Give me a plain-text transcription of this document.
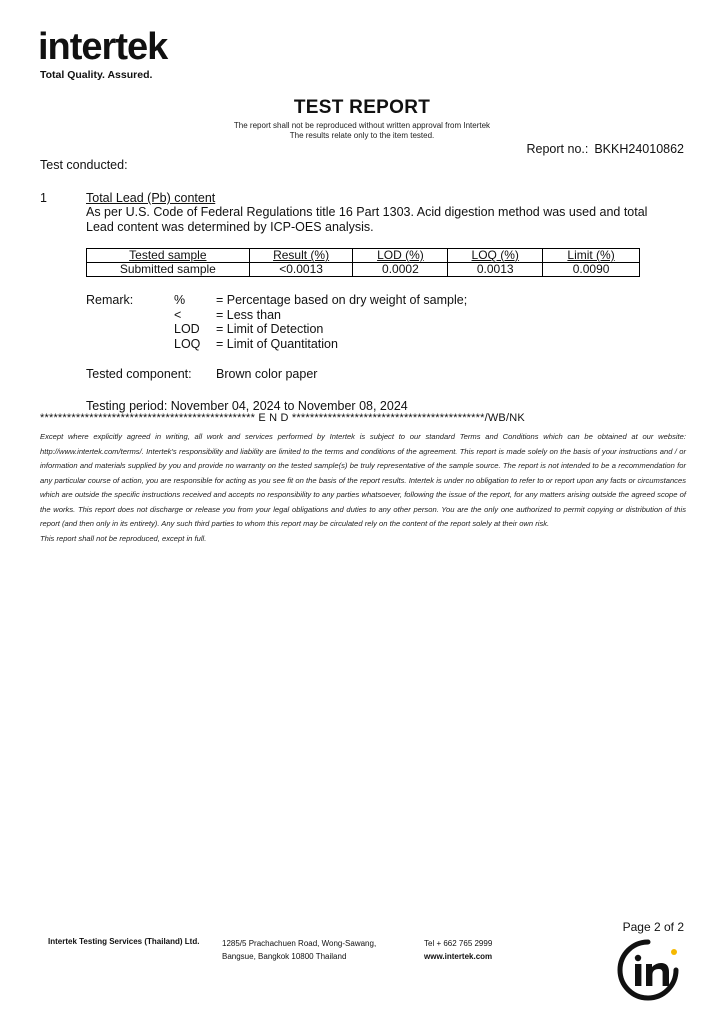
intertek
Total Quality. Assured.
TEST REPORT
The report shall not be reproduced without written approval from Intertek
The results relate only to the item tested.
Report no.: BKKH24010862
Test conducted:
1	Total Lead (Pb) content
As per U.S. Code of Federal Regulations title 16 Part 1303. Acid digestion method was used and total Lead content was determined by ICP-OES analysis.
Tested sample	Result (%)	LOD (%)	LOQ (%)	Limit (%)
Submitted sample	<0.0013	0.0002	0.0013	0.0090
Remark:	% = Percentage based on dry weight of sample;
<	= Less than
LOD = Limit of Detection
LOQ = Limit of Quantitation
Tested component: Brown color paper
Testing period: November 04, 2024 to November 08, 2024
************************************************ E N D *******************************************/WB/NK
Except where explicitly agreed in writing, all work and services performed by Intertek is subject to our standard Terms and Conditions which can be obtained at our website: http://www.intertek.com/terms/. Intertek's responsibility and liability are limited to the terms and conditions of the agreement. This report is made solely on the basis of your instructions and / or information and materials supplied by you and provide no warranty on the tested sample(s) be truly representative of the sample source. The report is not intended to be a recommendation for any particular course of action, you are responsible for acting as you see fit on the basis of the report results. Intertek is under no obligation to refer to or report upon any facts or circumstances which are outside the specific instructions received and accepts no responsibility to any parties whatsoever, following the issue of the report, for any matters arising outside the agreed scope of the works. This report does not discharge or release you from your legal obligations and duties to any other person. You are the only one authorized to permit copying or distribution of this report (and then only in its entirety). Any such third parties to whom this report may be circulated rely on the content of the report solely at their own risk.
This report shall not be reproduced, except in full.
Page 2 of 2
Intertek Testing Services (Thailand) Ltd.	1285/5 Prachachuen Road, Wong-Sawang,
Bangsue, Bangkok 10800 Thailand
Tel + 662 765 2999
www.intertek.com
